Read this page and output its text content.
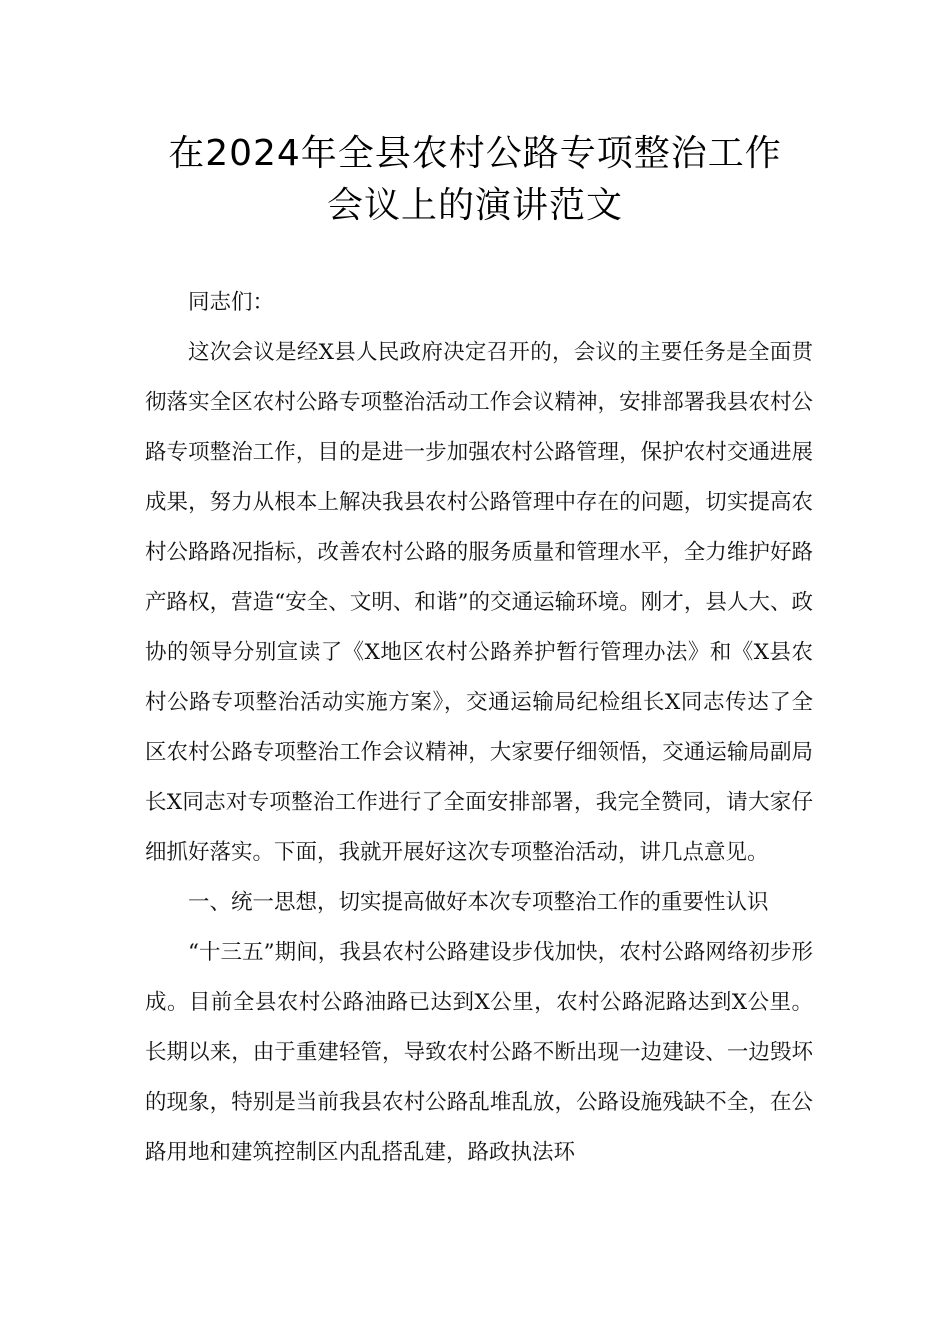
在2024年全县农村公路专项整治工作
会议上的演讲范文

同志们：

这次会议是经X县人民政府决定召开的，会议的主要任务是全面贯彻落实全区农村公路专项整治活动工作会议精神，安排部署我县农村公路专项整治工作，目的是进一步加强农村公路管理，保护农村交通进展成果，努力从根本上解决我县农村公路管理中存在的问题，切实提高农村公路路况指标，改善农村公路的服务质量和管理水平，全力维护好路产路权，营造“安全、文明、和谐”的交通运输环境。刚才，县人大、政协的领导分别宣读了《X地区农村公路养护暂行管理办法》和《X县农村公路专项整治活动实施方案》，交通运输局纪检组长X同志传达了全区农村公路专项整治工作会议精神，大家要仔细领悟，交通运输局副局长X同志对专项整治工作进行了全面安排部署，我完全赞同，请大家仔细抓好落实。下面，我就开展好这次专项整治活动，讲几点意见。

一、统一思想，切实提高做好本次专项整治工作的重要性认识

“十三五”期间，我县农村公路建设步伐加快，农村公路网络初步形成。目前全县农村公路油路已达到X公里，农村公路泥路达到X公里。长期以来，由于重建轻管，导致农村公路不断出现一边建设、一边毁坏的现象，特别是当前我县农村公路乱堆乱放，公路设施残缺不全，在公路用地和建筑控制区内乱搭乱建，路政执法环
